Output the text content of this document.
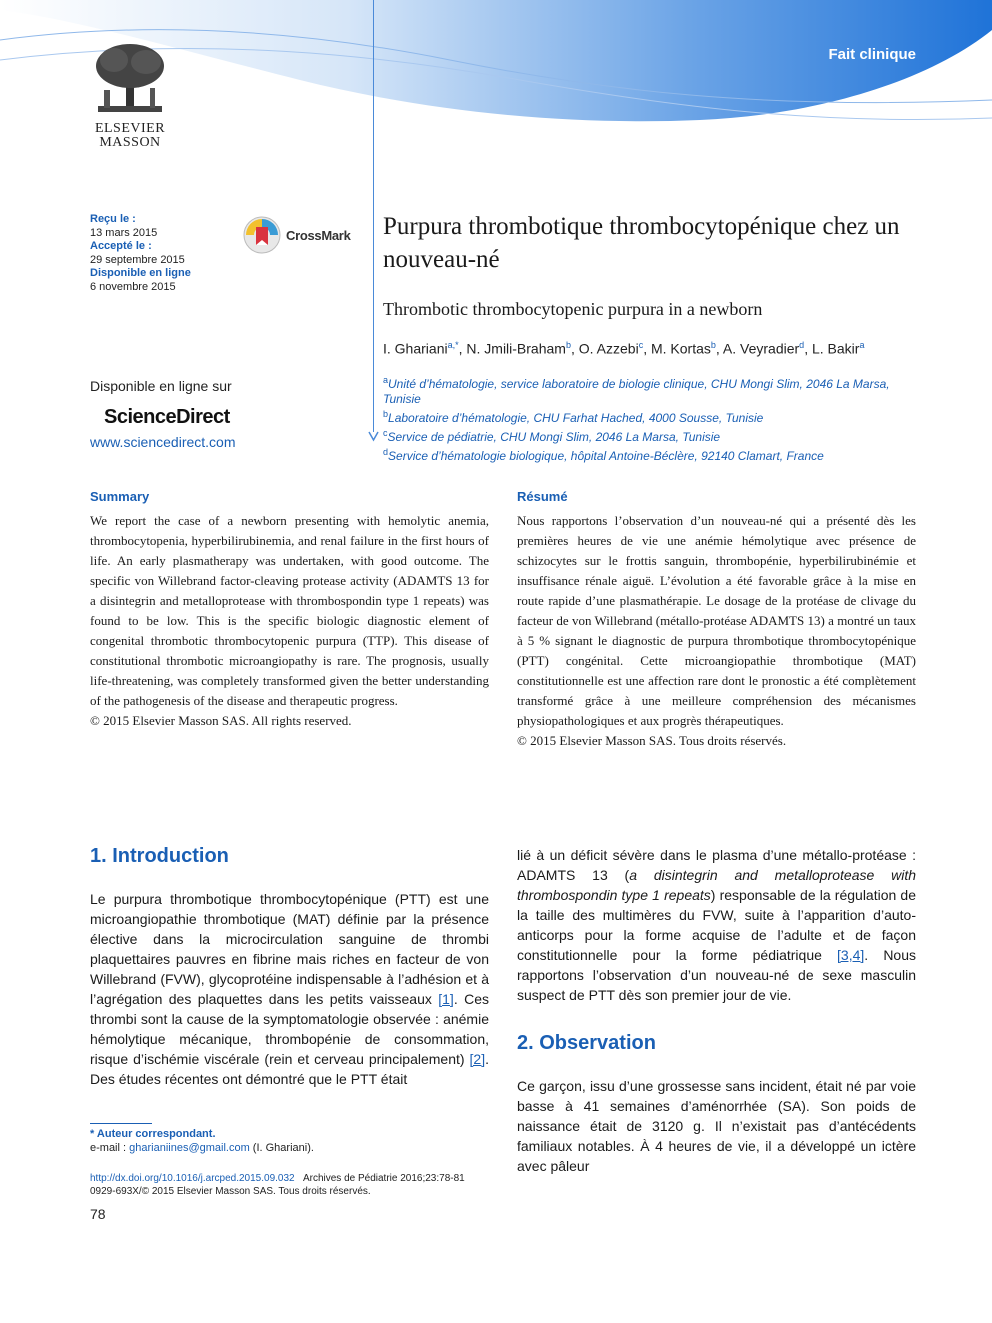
Fait clinique
ELSEVIER
MASSON
Reçu le :
13 mars 2015
Accepté le :
29 septembre 2015
Disponible en ligne
6 novembre 2015
CrossMark Purpura thrombotique thrombocytopénique chez un nouveau-né
Thrombotic thrombocytopenic purpura in a newborn
I. Ghariani$^{a,*}$, N. Jmili-Braham$^b$, O. Azzebi$^c$, M. Kortas$^b$, A. Veyradier$^d$, L. Bakir$^a$
$^a$Unité d’hématologie, service laboratoire de biologie clinique, CHU Mongi Slim, 2046 La Marsa, Tunisie
$^b$Laboratoire d’hématologie, CHU Farhat Hached, 4000 Sousse, Tunisie
$^c$Service de pédiatrie, CHU Mongi Slim, 2046 La Marsa, Tunisie
$^d$Service d’hématologie biologique, hôpital Antoine-Béclère, 92140 Clamart, France
Disponible en ligne sur
ScienceDirect
www.sciencedirect.com
Summary
We report the case of a newborn presenting with hemolytic anemia, thrombocytopenia, hyperbilirubinemia, and renal failure in the first hours of life. An early plasmatherapy was undertaken, with good outcome. The specific von Willebrand factor-cleaving protease activity (ADAMTS 13 for a disintegrin and metalloprotease with thrombospondin type 1 repeats) was found to be low. This is the specific biologic diagnostic element of congenital thrombotic thrombocytopenic purpura (TTP). This disease of constitutional thrombotic microangiopathy is rare. The prognosis, usually life-threatening, was completely transformed given the better understanding of the pathogenesis of the disease and therapeutic progress.
© 2015 Elsevier Masson SAS. All rights reserved.
Résumé
Nous rapportons l’observation d’un nouveau-né qui a présenté dès les premières heures de vie une anémie hémolytique avec présence de schizocytes sur le frottis sanguin, thrombopénie, hyperbilirubinémie et insuffisance rénale aiguë. L’évolution a été favorable grâce à la mise en route rapide d’une plasmathérapie. Le dosage de la protéase de clivage du facteur de von Willebrand (métallo-protéase ADAMTS 13) a montré un taux à 5 % signant le diagnostic de purpura thrombotique thrombocytopénique (PTT) congénital. Cette microangiopathie thrombotique (MAT) constitutionnelle est une affection rare dont le pronostic a été complètement transformé grâce à une meilleure compréhension des mécanismes physiopathologiques et aux progrès thérapeutiques.
© 2015 Elsevier Masson SAS. Tous droits réservés.
1. Introduction
Le purpura thrombotique thrombocytopénique (PTT) est une microangiopathie thrombotique (MAT) définie par la présence élective dans la microcirculation sanguine de thrombi plaquettaires pauvres en fibrine mais riches en facteur de von Willebrand (FVW), glycoprotéine indispensable à l’adhésion et à l’agrégation des plaquettes dans les petits vaisseaux [1]. Ces thrombi sont la cause de la symptomatologie observée : anémie hémolytique mécanique, thrombopénie de consommation, risque d’ischémie viscérale (rein et cerveau principalement) [2]. Des études récentes ont démontré que le PTT était
lié à un déficit sévère dans le plasma d’une métallo-protéase : ADAMTS 13 (a disintegrin and metalloprotease with thrombospondin type 1 repeats) responsable de la régulation de la taille des multimères du FVW, suite à l’apparition d’auto-anticorps pour la forme acquise de l’adulte et de façon constitutionnelle pour la forme pédiatrique [3,4]. Nous rapportons l’observation d’un nouveau-né de sexe masculin suspect de PTT dès son premier jour de vie.
2. Observation
Ce garçon, issu d’une grossesse sans incident, était né par voie basse à 41 semaines d’aménorrhée (SA). Son poids de naissance était de 3120 g. Il n’existait pas d’antécédents familiaux notables. À 4 heures de vie, il a développé un ictère avec pâleur
* Auteur correspondant.
e-mail : gharianiines@gmail.com (I. Ghariani).
http://dx.doi.org/10.1016/j.arcped.2015.09.032 Archives de Pédiatrie 2016;23:78-81
0929-693X/© 2015 Elsevier Masson SAS. Tous droits réservés.
78
